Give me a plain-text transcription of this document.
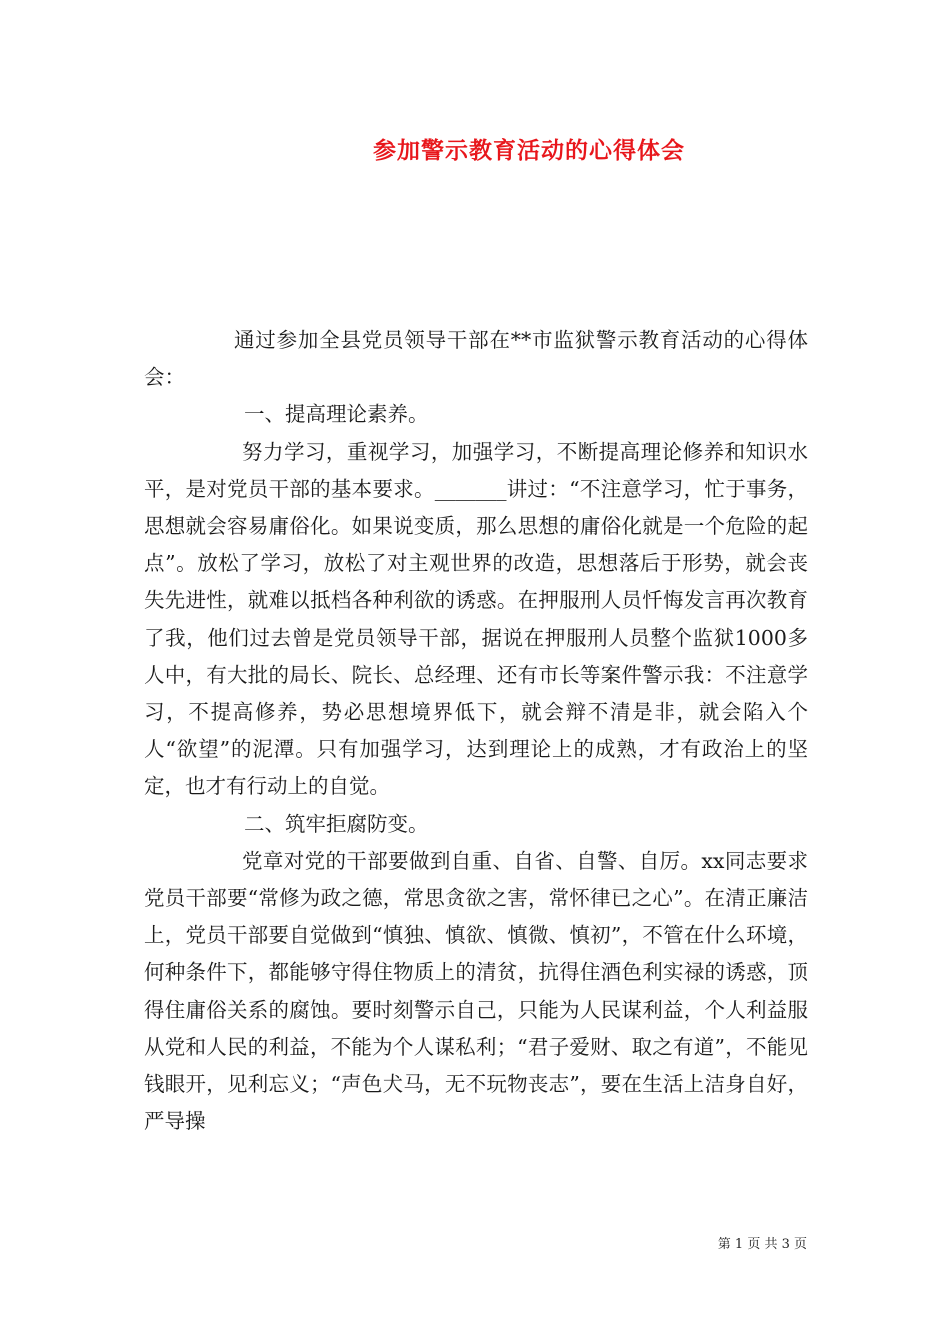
参加警示教育活动的心得体会

通过参加全县党员领导干部在**市监狱警示教育活动的心得体会：

一、提高理论素养。

努力学习，重视学习，加强学习，不断提高理论修养和知识水平，是对党员干部的基本要求。_______讲过：“不注意学习，忙于事务，思想就会容易庸俗化。如果说变质，那么思想的庸俗化就是一个危险的起点”。放松了学习，放松了对主观世界的改造，思想落后于形势，就会丧失先进性，就难以抵档各种利欲的诱惑。在押服刑人员忏悔发言再次教育了我，他们过去曾是党员领导干部，据说在押服刑人员整个监狱1000多人中，有大批的局长、院长、总经理、还有市长等案件警示我：不注意学习，不提高修养，势必思想境界低下，就会辩不清是非，就会陷入个人“欲望”的泥潭。只有加强学习，达到理论上的成熟，才有政治上的坚定，也才有行动上的自觉。

二、筑牢拒腐防变。

党章对党的干部要做到自重、自省、自警、自厉。xx同志要求党员干部要“常修为政之德，常思贪欲之害，常怀律已之心”。在清正廉洁上，党员干部要自觉做到“慎独、慎欲、慎微、慎初”，不管在什么环境，何种条件下，都能够守得住物质上的清贫，抗得住酒色利实禄的诱惑，顶得住庸俗关系的腐蚀。要时刻警示自己，只能为人民谋利益，个人利益服从党和人民的利益，不能为个人谋私利；“君子爱财、取之有道”，不能见钱眼开，见利忘义；“声色犬马，无不玩物丧志”，要在生活上洁身自好，严导操

第 1 页 共 3 页
